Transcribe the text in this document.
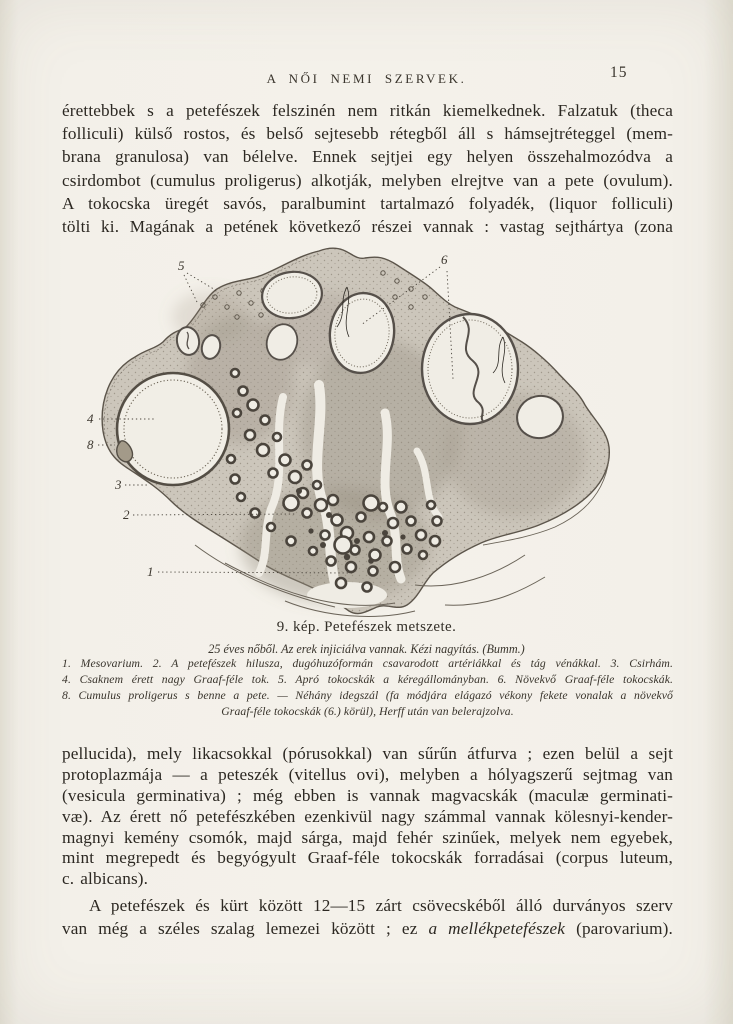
A NŐI NEMI SZERVEK.	15
érettebbek s a petefészek felszinén nem ritkán kiemelkednek. Falzatuk (theca
folliculi) külső rostos, és belső sejtesebb rétegből áll s hámsejtréteggel (mem-
brana granulosa) van bélelve. Ennek sejtjei egy helyen összehalmozódva a
csirdombot (cumulus proligerus) alkotják, melyben elrejtve van a pete (ovulum).
A tokocska üregét savós, paralbumint tartalmazó folyadék, (liquor folliculi)
tölti ki. Magának a petének következő részei vannak : vastag sejthártya (zona
5	6
4
8
3
2
1
9. kép. Petefészek metszete.
25 éves nőből. Az erek injiciálva vannak. Kézi nagyítás. (Bumm.)
1. Mesovarium. 2. A petefészek hilusza, dugóhuzóformán csavarodott artériákkal és tág vénákkal. 3. Csirhám.
4. Csaknem érett nagy Graaf-féle tok. 5. Apró tokocskák a kéregállományban. 6. Növekvő Graaf-féle tokocskák.
8. Cumulus proligerus s benne a pete. — Néhány idegszál (fa módjára elágazó vékony fekete vonalak a növekvő
Graaf-féle tokocskák (6.) körül), Herff után van belerajzolva.
pellucida), mely likacsokkal (pórusokkal) van sűrűn átfurva ; ezen belül a sejt
protoplazmája — a peteszék (vitellus ovi), melyben a hólyagszerű sejtmag van
(vesicula germinativa) ; még ebben is vannak magvacskák (maculæ germinati-
væ). Az érett nő petefészkében ezenkivül nagy számmal vannak kölesnyi-kender-
magnyi kemény csomók, majd sárga, majd fehér szinűek, melyek nem egyebek,
mint megrepedt és begyógyult Graaf-féle tokocskák forradásai (corpus luteum,
c. albicans).
A petefészek és kürt között 12—15 zárt csövecskéből álló durványos szerv
van még a széles szalag lemezei között ; ez a mellékpetefészek (parovarium).
